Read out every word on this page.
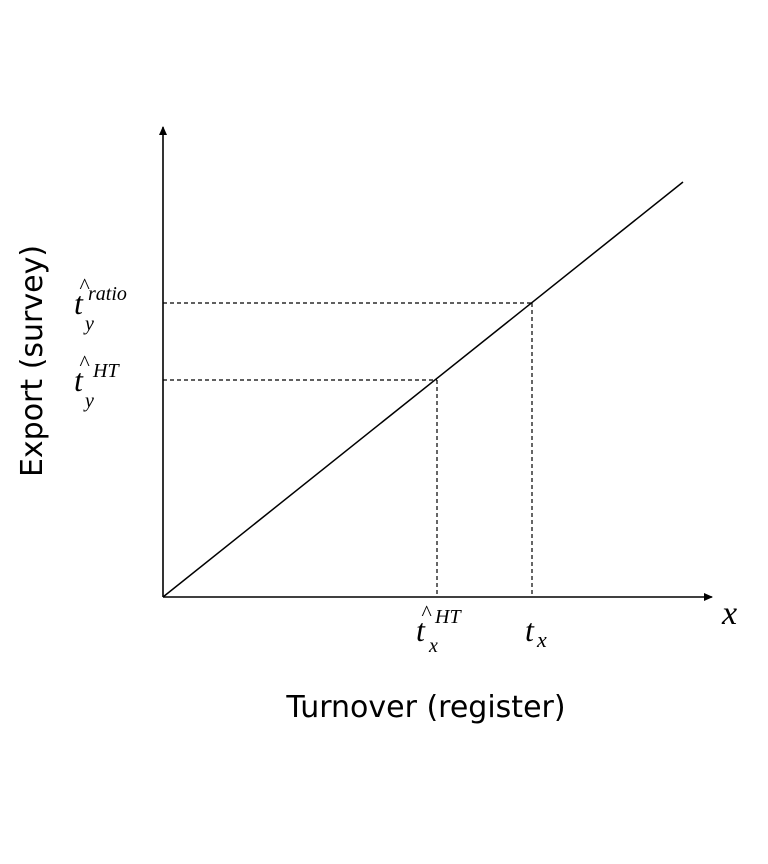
t
^
y
ratio
t
^
y
HT
t
^
x
HT t x
x
Turnover (register)
Export (survey)
